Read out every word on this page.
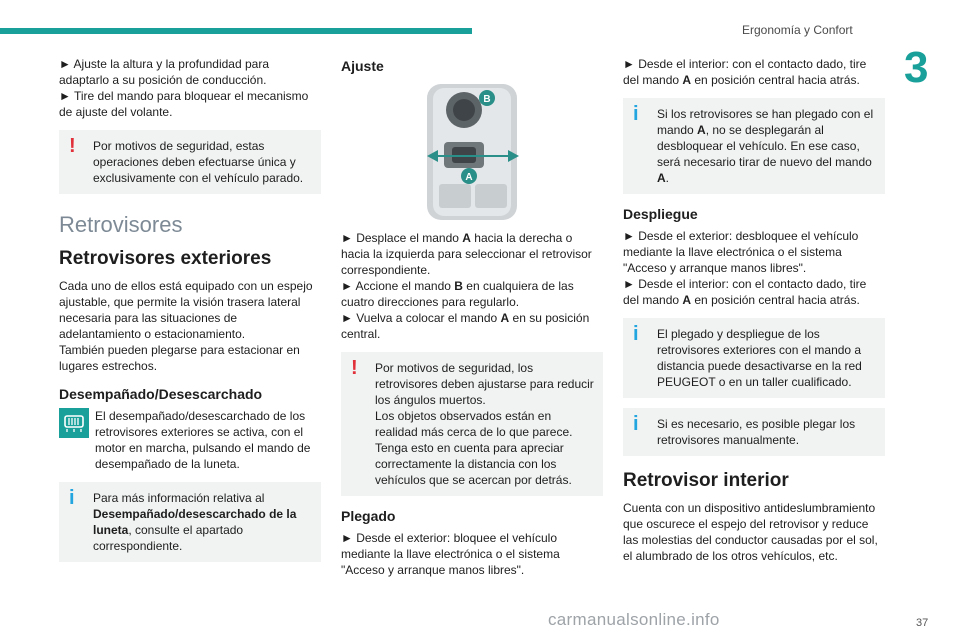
Ergonomía y Confort
3

► Ajuste la altura y la profundidad para adaptarlo a su posición de conducción.

► Tire del mando para bloquear el mecanismo de ajuste del volante.

! Por motivos de seguridad, estas operaciones deben efectuarse única y exclusivamente con el vehículo parado.
Retrovisores
Retrovisores exteriores

Cada uno de ellos está equipado con un espejo ajustable, que permite la visión trasera lateral necesaria para las situaciones de adelantamiento o estacionamiento.

También pueden plegarse para estacionar en lugares estrechos.

Desempañado/Desescarchado

El desempañado/desescarchado de los retrovisores exteriores se activa, con el motor en marcha, pulsando el mando de desempañado de la luneta.

i Para más información relativa al Desempañado/desescarchado de la luneta, consulte el apartado correspondiente.
Ajuste
B
A

► Desplace el mando A hacia la derecha o hacia la izquierda para seleccionar el retrovisor correspondiente.

► Accione el mando B en cualquiera de las cuatro direcciones para regularlo.

► Vuelva a colocar el mando A en su posición central.

! Por motivos de seguridad, los retrovisores deben ajustarse para reducir los ángulos muertos.
Los objetos observados están en realidad más cerca de lo que parece.
Tenga esto en cuenta para apreciar correctamente la distancia con los vehículos que se acercan por detrás.
Plegado

► Desde el exterior: bloquee el vehículo mediante la llave electrónica o el sistema "Acceso y arranque manos libres".

► Desde el interior: con el contacto dado, tire del mando A en posición central hacia atrás.

i Si los retrovisores se han plegado con el mando A, no se desplegarán al desbloquear el vehículo. En ese caso, será necesario tirar de nuevo del mando A.
Despliegue

► Desde el exterior: desbloquee el vehículo mediante la llave electrónica o el sistema "Acceso y arranque manos libres".

► Desde el interior: con el contacto dado, tire del mando A en posición central hacia atrás.

i El plegado y despliegue de los retrovisores exteriores con el mando a distancia puede desactivarse en la red PEUGEOT o en un taller cualificado.
i Si es necesario, es posible plegar los retrovisores manualmente.
Retrovisor interior

Cuenta con un dispositivo antideslumbramiento que oscurece el espejo del retrovisor y reduce las molestias del conductor causadas por el sol, el alumbrado de los otros vehículos, etc.

carmanualsonline.info	37
